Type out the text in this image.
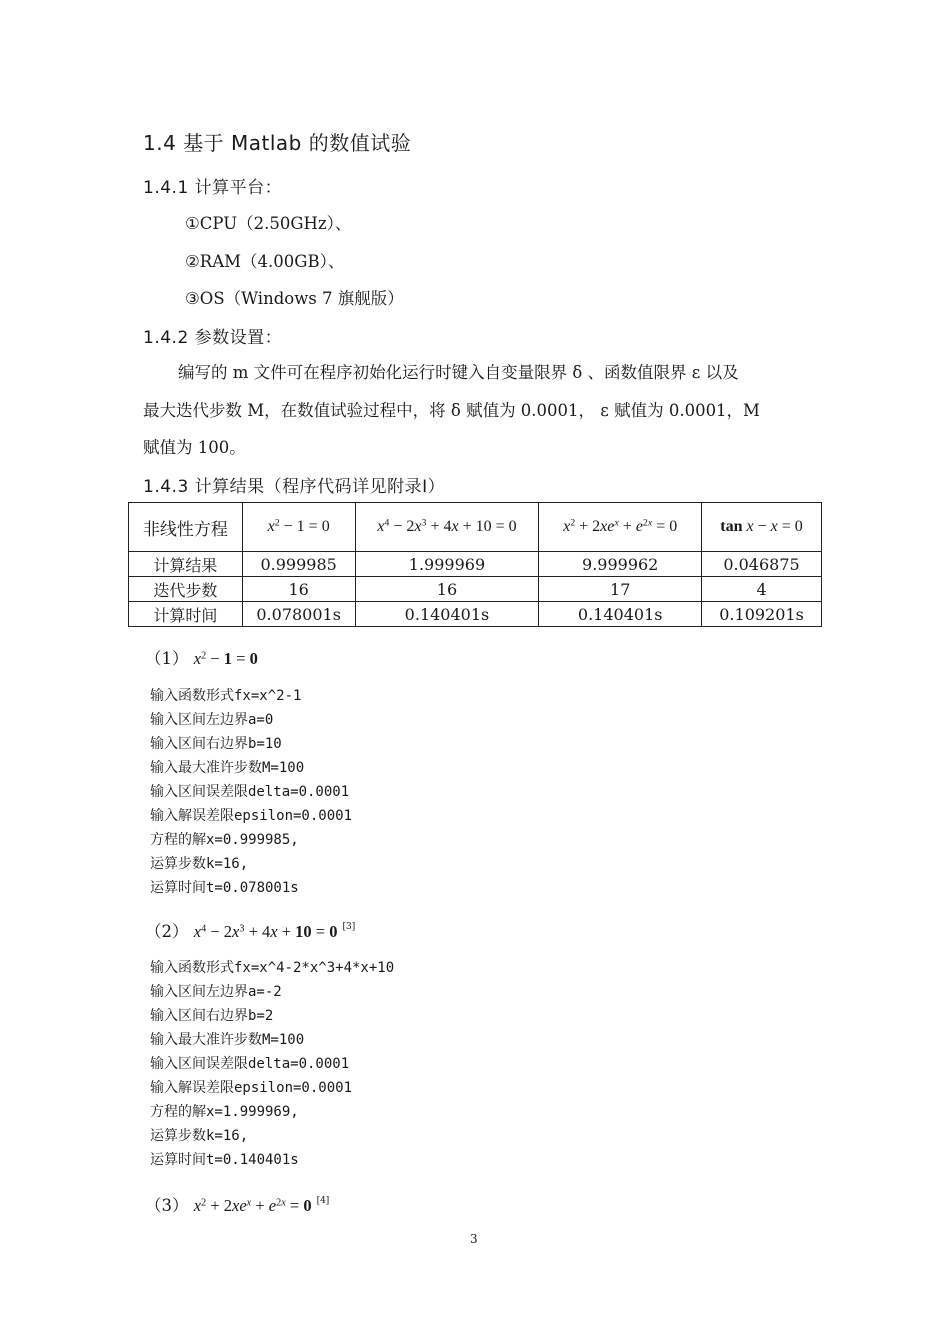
1.4 基于 Matlab 的数值试验
1.4.1 计算平台：
①CPU（2.50GHz）、
②RAM（4.00GB）、
③OS（Windows 7 旗舰版）
1.4.2 参数设置：
编写的 m 文件可在程序初始化运行时键入自变量限界 δ 、函数值限界 ε 以及
最大迭代步数 M，在数值试验过程中，将 δ 赋值为 0.0001， ε 赋值为 0.0001，M
赋值为 100。
1.4.3 计算结果（程序代码详见附录Ⅰ）
非线性方程	$x^2 - 1 = 0$	$x^4 - 2x^3 + 4x + 10 = 0$	$x^2 + 2xe^x + e^{2x} = 0$	tan x − x = 0
计算结果	0.999985	1.999969	9.999962	0.046875
迭代步数	16	16	17	4
计算时间	0.078001s	0.140401s	0.140401s	0.109201s
（1） $x^2 - 1 = 0$
输入函数形式fx=x^2-1
输入区间左边界a=0
输入区间右边界b=10
输入最大准许步数M=100
输入区间误差限delta=0.0001
输入解误差限epsilon=0.0001
方程的解x=0.999985,
运算步数k=16,
运算时间t=0.078001s
（2） $x^4 - 2x^3 + 4x + 10 = 0$ [3]
输入函数形式fx=x^4-2*x^3+4*x+10
输入区间左边界a=-2
输入区间右边界b=2
输入最大准许步数M=100
输入区间误差限delta=0.0001
输入解误差限epsilon=0.0001
方程的解x=1.999969,
运算步数k=16,
运算时间t=0.140401s
（3） $x^2 + 2xe^x + e^{2x} = 0$ [4]
3
